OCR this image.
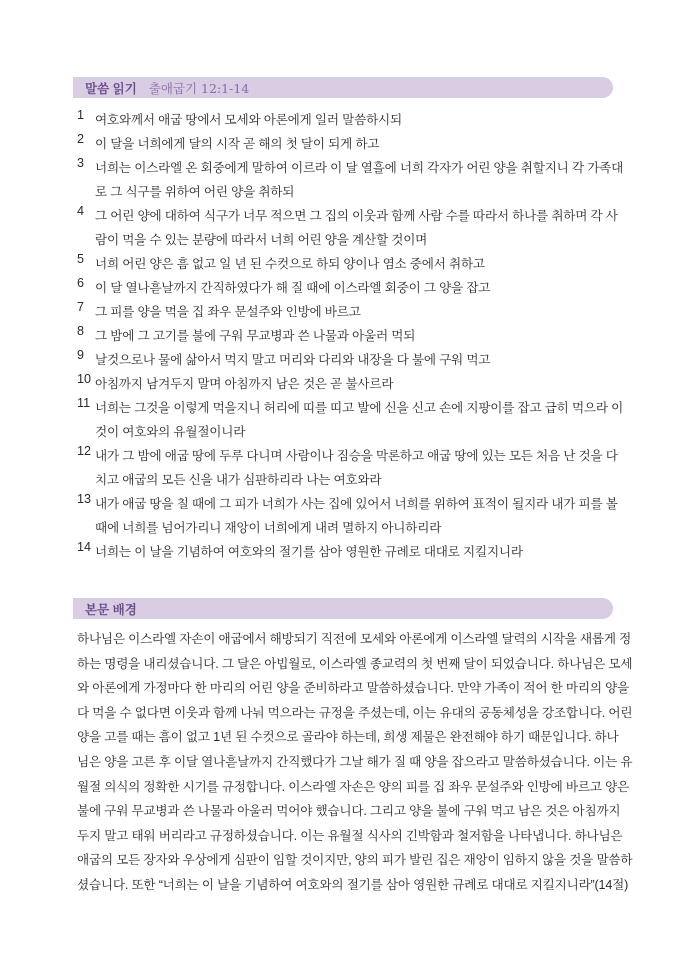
말씀 읽기 출애굽기 12:1-14
1 여호와께서 애굽 땅에서 모세와 아론에게 일러 말씀하시되
2 이 달을 너희에게 달의 시작 곧 해의 첫 달이 되게 하고
3 너희는 이스라엘 온 회중에게 말하여 이르라 이 달 열흘에 너희 각자가 어린 양을 취할지니 각 가족대
로 그 식구를 위하여 어린 양을 취하되
4 그 어린 양에 대하여 식구가 너무 적으면 그 집의 이웃과 함께 사람 수를 따라서 하나를 취하며 각 사
람이 먹을 수 있는 분량에 따라서 너희 어린 양을 계산할 것이며
5 너희 어린 양은 흠 없고 일 년 된 수컷으로 하되 양이나 염소 중에서 취하고
6 이 달 열나흗날까지 간직하였다가 해 질 때에 이스라엘 회중이 그 양을 잡고
7 그 피를 양을 먹을 집 좌우 문설주와 인방에 바르고
8 그 밤에 그 고기를 불에 구워 무교병과 쓴 나물과 아울러 먹되
9 날것으로나 물에 삶아서 먹지 말고 머리와 다리와 내장을 다 불에 구워 먹고
10 아침까지 남겨두지 말며 아침까지 남은 것은 곧 불사르라
11 너희는 그것을 이렇게 먹을지니 허리에 띠를 띠고 발에 신을 신고 손에 지팡이를 잡고 급히 먹으라 이
것이 여호와의 유월절이니라
12 내가 그 밤에 애굽 땅에 두루 다니며 사람이나 짐승을 막론하고 애굽 땅에 있는 모든 처음 난 것을 다
치고 애굽의 모든 신을 내가 심판하리라 나는 여호와라
13 내가 애굽 땅을 칠 때에 그 피가 너희가 사는 집에 있어서 너희를 위하여 표적이 될지라 내가 피를 볼
때에 너희를 넘어가리니 재앙이 너희에게 내려 멸하지 아니하리라
14 너희는 이 날을 기념하여 여호와의 절기를 삼아 영원한 규례로 대대로 지킬지니라
본문 배경
하나님은 이스라엘 자손이 애굽에서 해방되기 직전에 모세와 아론에게 이스라엘 달력의 시작을 새롭게 정
하는 명령을 내리셨습니다. 그 달은 아빕월로, 이스라엘 종교력의 첫 번째 달이 되었습니다. 하나님은 모세
와 아론에게 가정마다 한 마리의 어린 양을 준비하라고 말씀하셨습니다. 만약 가족이 적어 한 마리의 양을
다 먹을 수 없다면 이웃과 함께 나눠 먹으라는 규정을 주셨는데, 이는 유대의 공동체성을 강조합니다. 어린
양을 고를 때는 흠이 없고 1년 된 수컷으로 골라야 하는데, 희생 제물은 완전해야 하기 때문입니다. 하나
님은 양을 고른 후 이달 열나흗날까지 간직했다가 그날 해가 질 때 양을 잡으라고 말씀하셨습니다. 이는 유
월절 의식의 정확한 시기를 규정합니다. 이스라엘 자손은 양의 피를 집 좌우 문설주와 인방에 바르고 양은
불에 구워 무교병과 쓴 나물과 아울러 먹어야 했습니다. 그리고 양을 불에 구워 먹고 남은 것은 아침까지
두지 말고 태워 버리라고 규정하셨습니다. 이는 유월절 식사의 긴박함과 철저함을 나타냅니다. 하나님은
애굽의 모든 장자와 우상에게 심판이 임할 것이지만, 양의 피가 발린 집은 재앙이 임하지 않을 것을 말씀하
셨습니다. 또한 “너희는 이 날을 기념하여 여호와의 절기를 삼아 영원한 규례로 대대로 지킬지니라”(14절)
